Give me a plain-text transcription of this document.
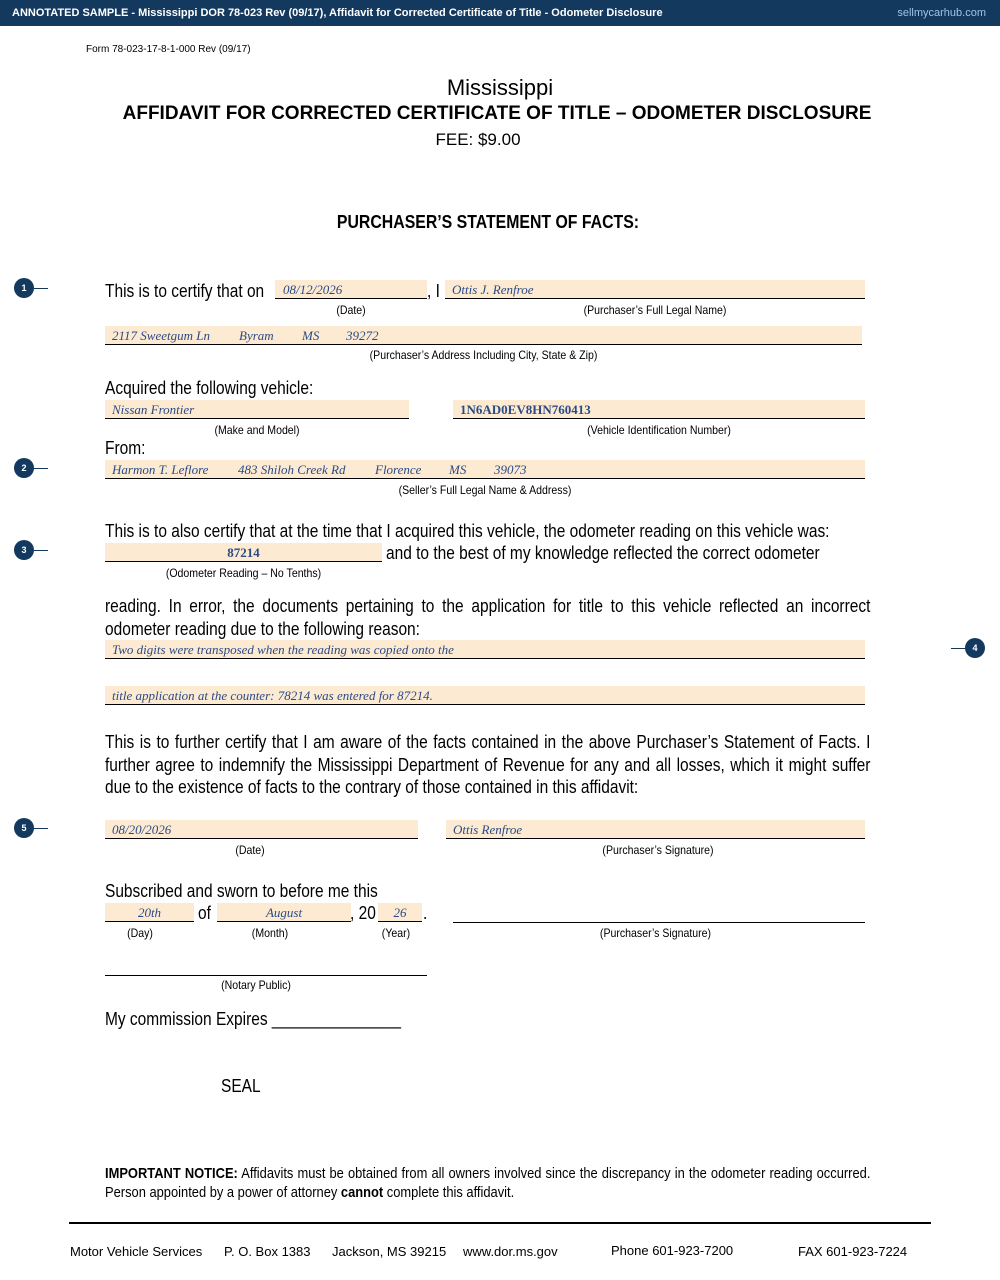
ANNOTATED SAMPLE - Mississippi DOR 78-023 Rev (09/17), Affidavit for Corrected Certificate of Title - Odometer Disclosure	sellmycarhub.com
Form 78-023-17-8-1-000 Rev (09/17)
Mississippi
AFFIDAVIT FOR CORRECTED CERTIFICATE OF TITLE – ODOMETER DISCLOSURE
FEE: $9.00
PURCHASER’S STATEMENT OF FACTS:
1
2
3
4
5
This is to certify that on 08/12/2026	, I Ottis J. Renfroe
(Date)	(Purchaser’s Full Legal Name)
2117 Sweetgum Ln Byram MS 39272
(Purchaser’s Address Including City, State & Zip)
Acquired the following vehicle:
Nissan Frontier	1N6AD0EV8HN760413
(Make and Model)	(Vehicle Identification Number)
From:
Harmon T. Leflore 483 Shiloh Creek Rd Florence MS 39073
(Seller’s Full Legal Name & Address)
This is to also certify that at the time that I acquired this vehicle, the odometer reading on this vehicle was:
87214	and to the best of my knowledge reflected the correct odometer
(Odometer Reading – No Tenths)
reading. In error, the documents pertaining to the application for title to this vehicle reflected an incorrect odometer reading due to the following reason:
Two digits were transposed when the reading was copied onto the
title application at the counter: 78214 was entered for 87214.
This is to further certify that I am aware of the facts contained in the above Purchaser’s Statement of Facts. I further agree to indemnify the Mississippi Department of Revenue for any and all losses, which it might suffer due to the existence of facts to the contrary of those contained in this affidavit:
08/20/2026	Ottis Renfroe
(Date)	(Purchaser’s Signature)
Subscribed and sworn to before me this
20th	of	August	, 20	26 .
(Day)	(Month)	(Year)	(Purchaser’s Signature)
(Notary Public)
My commission Expires _______________
SEAL
IMPORTANT NOTICE: Affidavits must be obtained from all owners involved since the discrepancy in the odometer reading occurred. Person appointed by a power of attorney cannot complete this affidavit.
Motor Vehicle Services P. O. Box 1383 Jackson, MS 39215 www.dor.ms.gov	Phone 601-923-7200	FAX 601-923-7224
